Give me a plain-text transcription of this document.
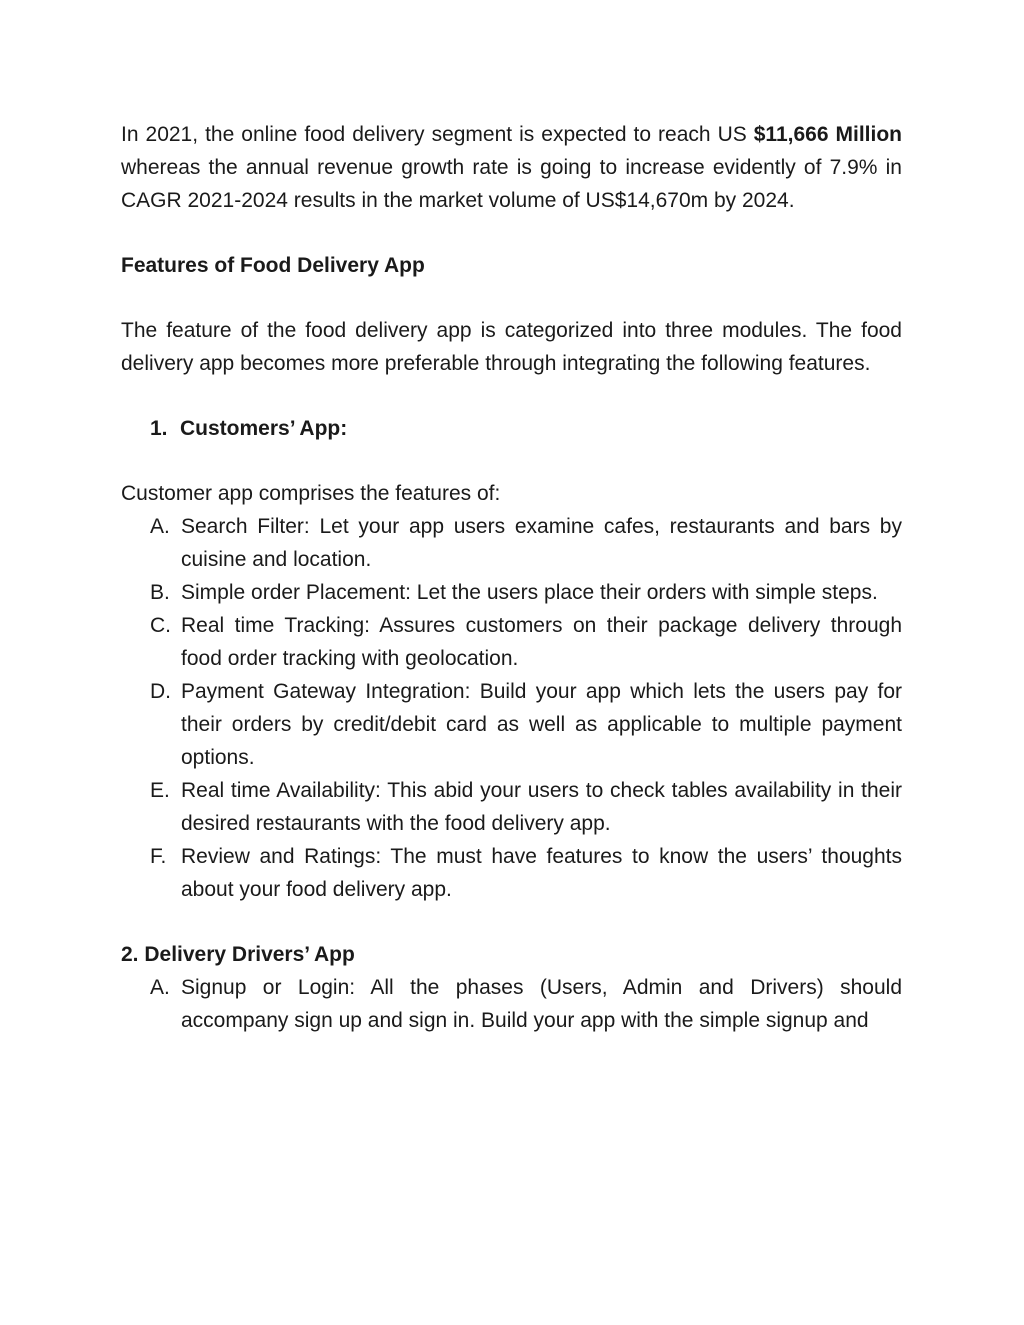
In 2021, the online food delivery segment is expected to reach US $11,666 Million whereas the annual revenue growth rate is going to increase evidently of 7.9% in CAGR 2021-2024 results in the market volume of US$14,670m by 2024.

Features of Food Delivery App

The feature of the food delivery app is categorized into three modules. The food delivery app becomes more preferable through integrating the following features.

1. Customers’ App:

Customer app comprises the features of:

A. Search Filter: Let your app users examine cafes, restaurants and bars by cuisine and location.
B. Simple order Placement: Let the users place their orders with simple steps.
C. Real time Tracking: Assures customers on their package delivery through food order tracking with geolocation.
D. Payment Gateway Integration: Build your app which lets the users pay for their orders by credit/debit card as well as applicable to multiple payment options.
E. Real time Availability: This abid your users to check tables availability in their desired restaurants with the food delivery app.
F. Review and Ratings: The must have features to know the users’ thoughts about your food delivery app.

2. Delivery Drivers’ App

A. Signup or Login: All the phases (Users, Admin and Drivers) should accompany sign up and sign in. Build your app with the simple signup and
